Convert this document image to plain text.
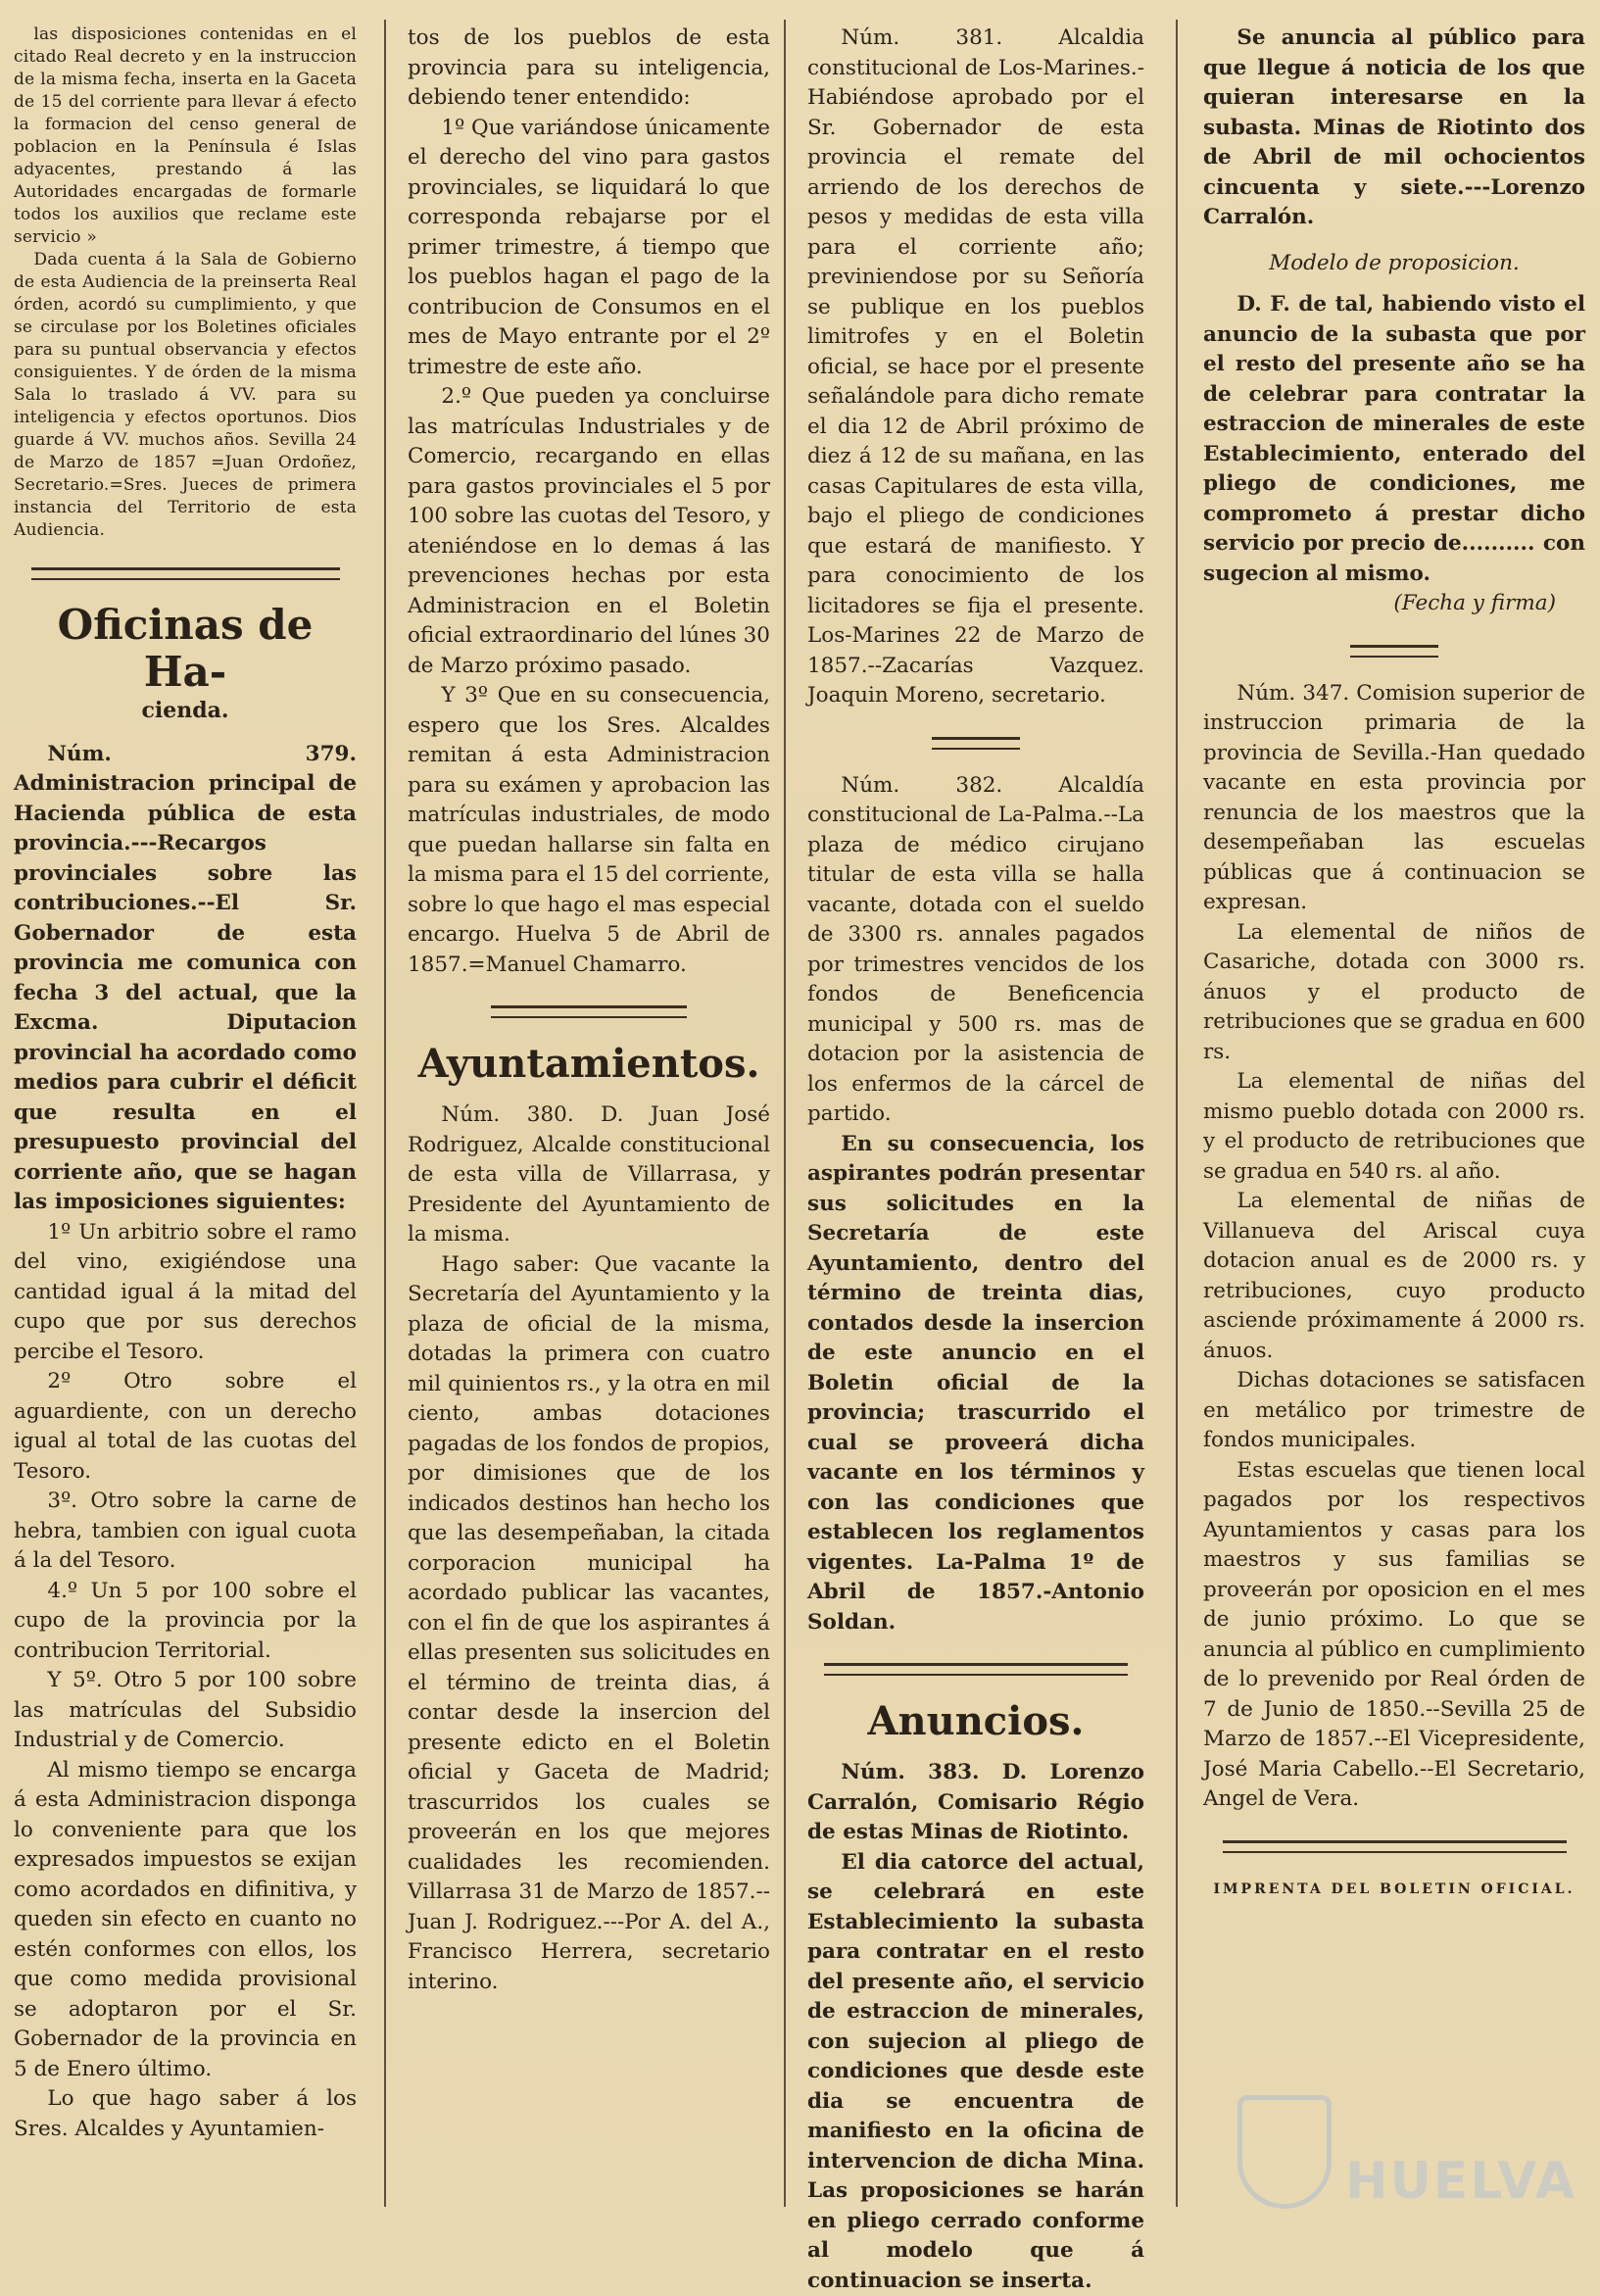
las disposiciones contenidas en el citado Real decreto y en la instruccion de la misma fecha, inserta en la Gaceta de 15 del corriente para llevar á efecto la formacion del censo general de poblacion en la Península é Islas adyacentes, prestando á las Autoridades encargadas de formarle todos los auxilios que reclame este servicio »

Dada cuenta á la Sala de Gobierno de esta Audiencia de la preinserta Real órden, acordó su cumplimiento, y que se circulase por los Boletines oficiales para su puntual observancia y efectos consiguientes. Y de órden de la misma Sala lo traslado á VV. para su inteligencia y efectos oportunos. Dios guarde á VV. muchos años. Sevilla 24 de Marzo de 1857 =Juan Ordoñez, Secretario.=Sres. Jueces de primera instancia del Territorio de esta Audiencia.

Oficinas de Ha-
cienda.

Núm. 379. Administracion principal de Hacienda pública de esta provincia.---Recargos provinciales sobre las contribuciones.--El Sr. Gobernador de esta provincia me comunica con fecha 3 del actual, que la Excma. Diputacion provincial ha acordado como medios para cubrir el déficit que resulta en el presupuesto provincial del corriente año, que se hagan las imposiciones siguientes:

1º Un arbitrio sobre el ramo del vino, exigiéndose una cantidad igual á la mitad del cupo que por sus derechos percibe el Tesoro.

2º Otro sobre el aguardiente, con un derecho igual al total de las cuotas del Tesoro.

3º. Otro sobre la carne de hebra, tambien con igual cuota á la del Tesoro.

4.º Un 5 por 100 sobre el cupo de la provincia por la contribucion Territorial.

Y 5º. Otro 5 por 100 sobre las matrículas del Subsidio Industrial y de Comercio.

Al mismo tiempo se encarga á esta Administracion disponga lo conveniente para que los expresados impuestos se exijan como acordados en difinitiva, y queden sin efecto en cuanto no estén conformes con ellos, los que como medida provisional se adoptaron por el Sr. Gobernador de la provincia en 5 de Enero último.

Lo que hago saber á los Sres. Alcaldes y Ayuntamien-

tos de los pueblos de esta provincia para su inteligencia, debiendo tener entendido:

1º Que variándose únicamente el derecho del vino para gastos provinciales, se liquidará lo que corresponda rebajarse por el primer trimestre, á tiempo que los pueblos hagan el pago de la contribucion de Consumos en el mes de Mayo entrante por el 2º trimestre de este año.

2.º Que pueden ya concluirse las matrículas Industriales y de Comercio, recargando en ellas para gastos provinciales el 5 por 100 sobre las cuotas del Tesoro, y ateniéndose en lo demas á las prevenciones hechas por esta Administracion en el Boletin oficial extraordinario del lúnes 30 de Marzo próximo pasado.

Y 3º Que en su consecuencia, espero que los Sres. Alcaldes remitan á esta Administracion para su exámen y aprobacion las matrículas industriales, de modo que puedan hallarse sin falta en la misma para el 15 del corriente, sobre lo que hago el mas especial encargo. Huelva 5 de Abril de 1857.=Manuel Chamarro.

Ayuntamientos.

Núm. 380. D. Juan José Rodriguez, Alcalde constitucional de esta villa de Villarrasa, y Presidente del Ayuntamiento de la misma.

Hago saber: Que vacante la Secretaría del Ayuntamiento y la plaza de oficial de la misma, dotadas la primera con cuatro mil quinientos rs., y la otra en mil ciento, ambas dotaciones pagadas de los fondos de propios, por dimisiones que de los indicados destinos han hecho los que las desempeñaban, la citada corporacion municipal ha acordado publicar las vacantes, con el fin de que los aspirantes á ellas presenten sus solicitudes en el término de treinta dias, á contar desde la insercion del presente edicto en el Boletin oficial y Gaceta de Madrid; trascurridos los cuales se proveerán en los que mejores cualidades les recomienden. Villarrasa 31 de Marzo de 1857.--Juan J. Rodriguez.---Por A. del A., Francisco Herrera, secretario interino.

Núm. 381. Alcaldia constitucional de Los-Marines.-Habiéndose aprobado por el Sr. Gobernador de esta provincia el remate del arriendo de los derechos de pesos y medidas de esta villa para el corriente año; previniendose por su Señoría se publique en los pueblos limitrofes y en el Boletin oficial, se hace por el presente señalándole para dicho remate el dia 12 de Abril próximo de diez á 12 de su mañana, en las casas Capitulares de esta villa, bajo el pliego de condiciones que estará de manifiesto. Y para conocimiento de los licitadores se fija el presente. Los-Marines 22 de Marzo de 1857.--Zacarías Vazquez. Joaquin Moreno, secretario.

Núm. 382. Alcaldía constitucional de La-Palma.--La plaza de médico cirujano titular de esta villa se halla vacante, dotada con el sueldo de 3300 rs. annales pagados por trimestres vencidos de los fondos de Beneficencia municipal y 500 rs. mas de dotacion por la asistencia de los enfermos de la cárcel de partido.

En su consecuencia, los aspirantes podrán presentar sus solicitudes en la Secretaría de este Ayuntamiento, dentro del término de treinta dias, contados desde la insercion de este anuncio en el Boletin oficial de la provincia; trascurrido el cual se proveerá dicha vacante en los términos y con las condiciones que establecen los reglamentos vigentes. La-Palma 1º de Abril de 1857.-Antonio Soldan.

Anuncios.

Núm. 383. D. Lorenzo Carralón, Comisario Régio de estas Minas de Riotinto.

El dia catorce del actual, se celebrará en este Establecimiento la subasta para contratar en el resto del presente año, el servicio de estraccion de minerales, con sujecion al pliego de condiciones que desde este dia se encuentra de manifiesto en la oficina de intervencion de dicha Mina. Las proposiciones se harán en pliego cerrado conforme al modelo que á continuacion se inserta.

Se anuncia al público para que llegue á noticia de los que quieran interesarse en la subasta. Minas de Riotinto dos de Abril de mil ochocientos cincuenta y siete.---Lorenzo Carralón.

Modelo de proposicion.

D. F. de tal, habiendo visto el anuncio de la subasta que por el resto del presente año se ha de celebrar para contratar la estraccion de minerales de este Establecimiento, enterado del pliego de condiciones, me comprometo á prestar dicho servicio por precio de.......... con sugecion al mismo.

(Fecha y firma)

Núm. 347. Comision superior de instruccion primaria de la provincia de Sevilla.-Han quedado vacante en esta provincia por renuncia de los maestros que la desempeñaban las escuelas públicas que á continuacion se expresan.

La elemental de niños de Casariche, dotada con 3000 rs. ánuos y el producto de retribuciones que se gradua en 600 rs.

La elemental de niñas del mismo pueblo dotada con 2000 rs. y el producto de retribuciones que se gradua en 540 rs. al año.

La elemental de niñas de Villanueva del Ariscal cuya dotacion anual es de 2000 rs. y retribuciones, cuyo producto asciende próximamente á 2000 rs. ánuos.

Dichas dotaciones se satisfacen en metálico por trimestre de fondos municipales.

Estas escuelas que tienen local pagados por los respectivos Ayuntamientos y casas para los maestros y sus familias se proveerán por oposicion en el mes de junio próximo. Lo que se anuncia al público en cumplimiento de lo prevenido por Real órden de 7 de Junio de 1850.--Sevilla 25 de Marzo de 1857.--El Vicepresidente, José Maria Cabello.--El Secretario, Angel de Vera.

IMPRENTA DEL BOLETIN OFICIAL.
HUELVA
